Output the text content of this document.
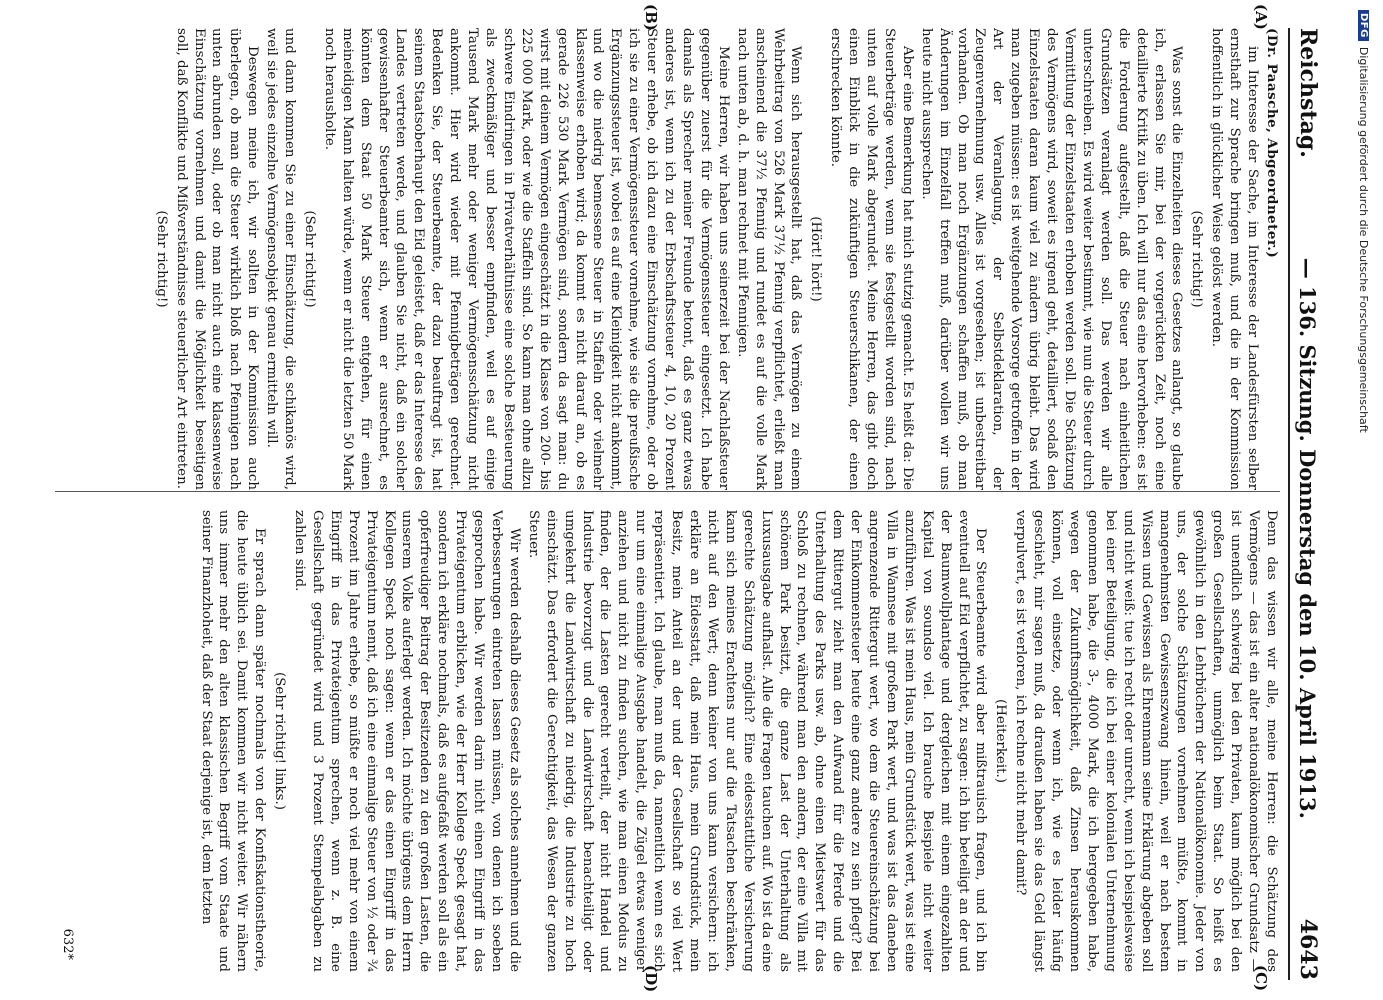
Reichstag.
— 136. Sitzung. Donnerstag den 10. April 1913.
4643
(A)
(B)
(C)
(D)

(Dr. Paasche, Abgeordneter.)

im Interesse der Sache, im Interesse der Landesfürsten selber ernsthaft zur Sprache bringen muß, und die in der Kommission hoffentlich in glücklicher Weise gelöst werden.

(Sehr richtig!)

Was sonst die Einzelheiten dieses Gesetzes anlangt, so glaube ich, erlassen Sie mir, bei der vorgerückten Zeit, noch eine detaillierte Kritik zu üben. Ich will nur das eine hervorheben: es ist die Forderung aufgestellt, daß die Steuer nach einheitlichen Grundsätzen veranlagt werden soll. Das werden wir alle unterschreiben. Es wird weiter bestimmt, wie nun die Steuer durch Vermittlung der Einzelstaaten erhoben werden soll. Die Schätzung des Vermögens wird, soweit es irgend geht, detailliert, sodaß den Einzelstaaten daran kaum viel zu ändern übrig bleibt. Das wird man zugeben müssen: es ist weitgehende Vorsorge getroffen in der Art der Veranlagung, der Selbstdeklaration, der Zeugenvernehmung usw. Alles ist vorgesehen; ist unbestreitbar vorhanden. Ob man noch Ergänzungen schaffen muß, ob man Änderungen im Einzelfall treffen muß, darüber wollen wir uns heute nicht aussprechen.

Aber eine Bemerkung hat mich stutzig gemacht. Es heißt da: Die Steuerbeträge werden, wenn sie festgestellt worden sind, nach unten auf volle Mark abgerundet. Meine Herren, das gibt doch einen Einblick in die zukünftigen Steuerschikanen, der einen erschrecken könnte.

(Hört! hört!)

Wenn sich herausgestellt hat, daß das Vermögen zu einem Wehrbeitrag von 526 Mark 37½ Pfennig verpflichtet, erließt man anscheinend die 37½ Pfennig und rundet es auf die volle Mark nach unten ab, d. h. man rechnet mit Pfennigen.

Meine Herren, wir haben uns seinerzeit bei der Nachlaßsteuer gegenüber zuerst für die Vermögenssteuer eingesetzt. Ich habe damals als Sprecher meiner Freunde betont, daß es ganz etwas anderes ist, wenn ich zu der Erbschaftssteuer 4, 10, 20 Prozent Steuer erhebe, ob ich dazu eine Einschätzung vornehme, oder ob ich sie zu einer Vermögenssteuer vornehme, wie sie die preußische Ergänzungssteuer ist, wobei es auf eine Kleinigkeit nicht ankommt, und wo die niedrig bemessene Steuer in Staffeln oder vielmehr klassenweise erhoben wird; da kommt es nicht darauf an, ob es gerade 226 530 Mark Vermögen sind, sondern da sagt man: du wirst mit deinem Vermögen eingeschätzt in die Klasse von 200- bis 225 000 Mark, oder wie die Staffeln sind. So kann man ohne allzu schwere Eindringen in Privatverhältnisse eine solche Besteuerung als zweckmäßiger und besser empfinden, weil es auf einige Tausend Mark mehr oder weniger Vermögensschätzung nicht ankommt. Hier wird wieder mit Pfennigbeträgen gerechnet. Bedenken Sie, der Steuerbeamte, der dazu beauftragt ist, hat seinem Staatsoberhaupt den Eid geleistet, daß er das Interesse des Landes vertreten werde, und glauben Sie nicht, daß ein solcher gewissenhafter Steuerbeamter sich, wenn er ausrechnet, es könnten dem Staat 50 Mark Steuer entgehen, für einen meineidigen Mann halten würde, wenn er nicht die letzten 50 Mark noch herausholte.

(Sehr richtig!)

und dann kommen Sie zu einer Einschätzung, die schikanös wird, weil sie jedes einzelne Vermögensobjekt genau ermitteln will.

Deswegen meine ich, wir sollten in der Kommission auch überlegen, ob man die Steuer wirklich bloß nach Pfennigen nach unten abrunden soll, oder ob man nicht auch eine klassenweise Einschätzung vornehmen und damit die Möglichkeit beseitigen soll, daß Konflikte und Mißverständnisse steuerlicher Art eintreten.

(Sehr richtig!)

Denn das wissen wir alle, meine Herren: die Schätzung des Vermögens — das ist ein alter nationalökonomischer Grundsatz — ist unendlich schwierig bei den Privaten, kaum möglich bei den großen Gesellschaften, unmöglich beim Staat. So heißt es gewöhnlich in den Lehrbüchern der Nationalökonomie. Jeder von uns, der solche Schätzungen vornehmen müßte, kommt in mangenehmsten Gewissenszwang hinein, weil er nach bestem Wissen und Gewissen als Ehrenmann seine Erklärung abgeben soll und nicht weiß: tue ich recht oder unrecht, wenn ich beispielsweise bei einer Beteiligung, die ich bei einer kolonialen Unternehmung genommen habe, die 3-, 4000 Mark, die ich hergegeben habe, wegen der Zukunftsmöglichkeit, daß Zinsen herauskommen können, voll einsetze, oder wenn ich, wie es leider häufig geschieht, mir sagen muß, da draußen haben sie das Geld längst verpulvert, es ist verloren, ich rechne nicht mehr damit?

(Heiterkeit.)

Der Steuerbeamte wird aber mißtrauisch fragen, und ich bin eventuell auf Eid verpflichtet, zu sagen: ich bin beteiligt an der und der Baumwollplantage und dergleichen mit einem eingezahlten Kapital von soundso viel. Ich brauche Beispiele nicht weiter anzuführen. Was ist mein Haus, mein Grundstück wert, was ist eine Villa in Wannsee mit großem Park wert, und was ist das daneben angrenzende Rittergut wert, wo dem die Steuereinschätzung bei der Einkommensteuer heute eine ganz andere zu sein pflegt? Bei dem Rittergut zieht man den Aufwand für die Pferde und die Unterhaltung des Parks usw. ab, ohne einen Mietswert für das Schloß zu rechnen, während man den andern, der eine Villa mit schönem Park besitzt, die ganze Last der Unterhaltung als Luxusausgabe aufhalst. Alle die Fragen tauchen auf. Wo ist da eine gerechte Schätzung möglich? Eine eidesstattliche Versicherung kann sich meines Erachtens nur auf die Tatsachen beschränken, nicht auf den Wert; denn keiner von uns kann versichern: ich erkläre an Eidesstatt, daß mein Haus, mein Grundstück, mein Besitz, mein Anteil an der und der Gesellschaft so viel Wert repräsentiert. Ich glaube, man muß da, namentlich wenn es sich nur um eine einmalige Ausgabe handelt, die Zügel etwas weniger anziehen und nicht zu finden suchen, wie man einen Modus zu finden, der die Lasten gerecht verteilt, der nicht Handel und Industrie bevorzugt und die Landwirtschaft benachteiligt oder umgekehrt die Landwirtschaft zu niedrig, die Industrie zu hoch einschätzt. Das erfordert die Gerechtigkeit, das Wesen der ganzen Steuer.

Wir werden deshalb dieses Gesetz als solches annehmen und die Verbesserungen eintreten lassen müssen, von denen ich soeben gesprochen habe. Wir werden darin nicht einen Eingriff in das Privateigentum erblicken, wie der Herr Kollege Speck gesagt hat, sondern ich erkläre nochmals, daß es aufgefaßt werden soll als ein opferfreudiger Beitrag der Besitzenden zu den großen Lasten, die unserem Volke auferlegt werden. Ich möchte übrigens dem Herrn Kollegen Speck noch sagen: wenn er das einen Eingriff in das Privateigentum nennt, daß ich eine einmalige Steuer von ½ oder ¾ Prozent im Jahre erhebe, so müßte er noch viel mehr von einem Eingriff in das Privateigentum sprechen, wenn z. B. eine Gesellschaft gegründet wird und 3 Prozent Stempelabgaben zu zahlen sind.

(Sehr richtig! links.)

Er sprach dann später nochmals von der Konfiskationstheorie, die heute üblich sei. Damit kommen wir nicht weiter. Wir nähern uns immer mehr den alten klassischen Begriff vom Staate und seiner Finanzhoheit, daß der Staat derjenige ist, dem letzten

632*
DFG
Digitalisierung gefördert durch die Deutsche Forschungsgemeinschaft
